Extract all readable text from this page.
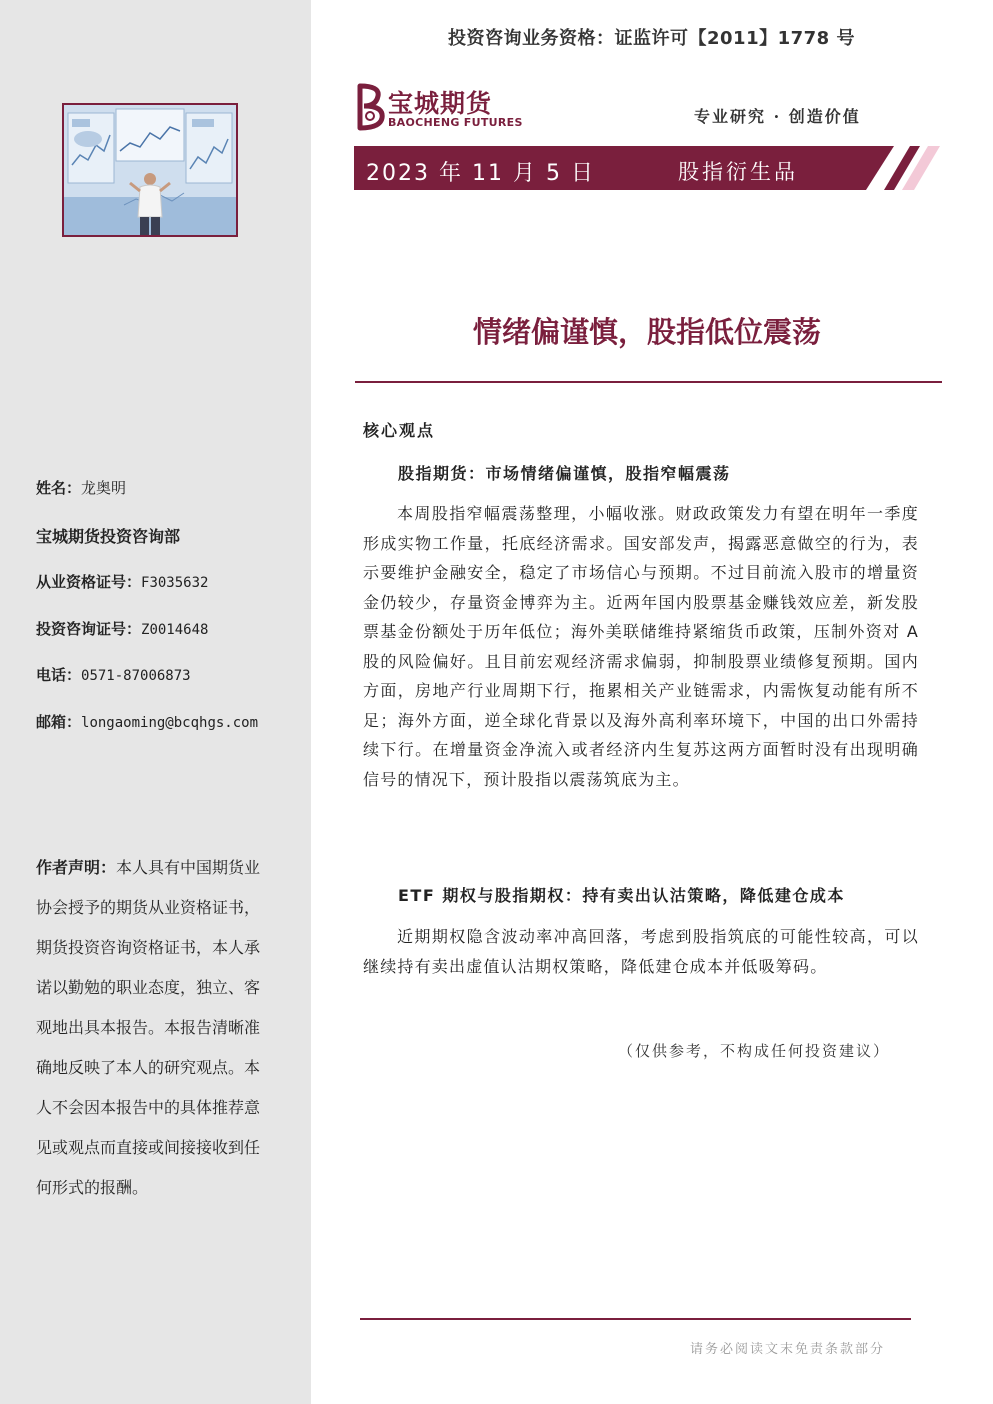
姓名：龙奥明
宝城期货投资咨询部
从业资格证号：F3035632
投资咨询证号：Z0014648
电话：0571-87006873
邮箱：longaoming@bcqhgs.com
作者声明：本人具有中国期货业协会授予的期货从业资格证书，期货投资咨询资格证书，本人承诺以勤勉的职业态度，独立、客观地出具本报告。本报告清晰准确地反映了本人的研究观点。本人不会因本报告中的具体推荐意见或观点而直接或间接接收到任何形式的报酬。
投资咨询业务资格：证监许可【2011】1778 号
宝城期货
BAOCHENG FUTURES	专业研究 · 创造价值
2023 年 11 月 5 日	股指衍生品
情绪偏谨慎，股指低位震荡
核心观点
股指期货：市场情绪偏谨慎，股指窄幅震荡
本周股指窄幅震荡整理，小幅收涨。财政政策发力有望在明年一季度形成实物工作量，托底经济需求。国安部发声，揭露恶意做空的行为，表示要维护金融安全，稳定了市场信心与预期。不过目前流入股市的增量资金仍较少，存量资金博弈为主。近两年国内股票基金赚钱效应差，新发股票基金份额处于历年低位；海外美联储维持紧缩货币政策，压制外资对 A 股的风险偏好。且目前宏观经济需求偏弱，抑制股票业绩修复预期。国内方面，房地产行业周期下行，拖累相关产业链需求，内需恢复动能有所不足；海外方面，逆全球化背景以及海外高利率环境下，中国的出口外需持续下行。在增量资金净流入或者经济内生复苏这两方面暂时没有出现明确信号的情况下，预计股指以震荡筑底为主。
ETF 期权与股指期权：持有卖出认沽策略，降低建仓成本
近期期权隐含波动率冲高回落，考虑到股指筑底的可能性较高，可以继续持有卖出虚值认沽期权策略，降低建仓成本并低吸筹码。
（仅供参考，不构成任何投资建议）
请务必阅读文末免责条款部分
